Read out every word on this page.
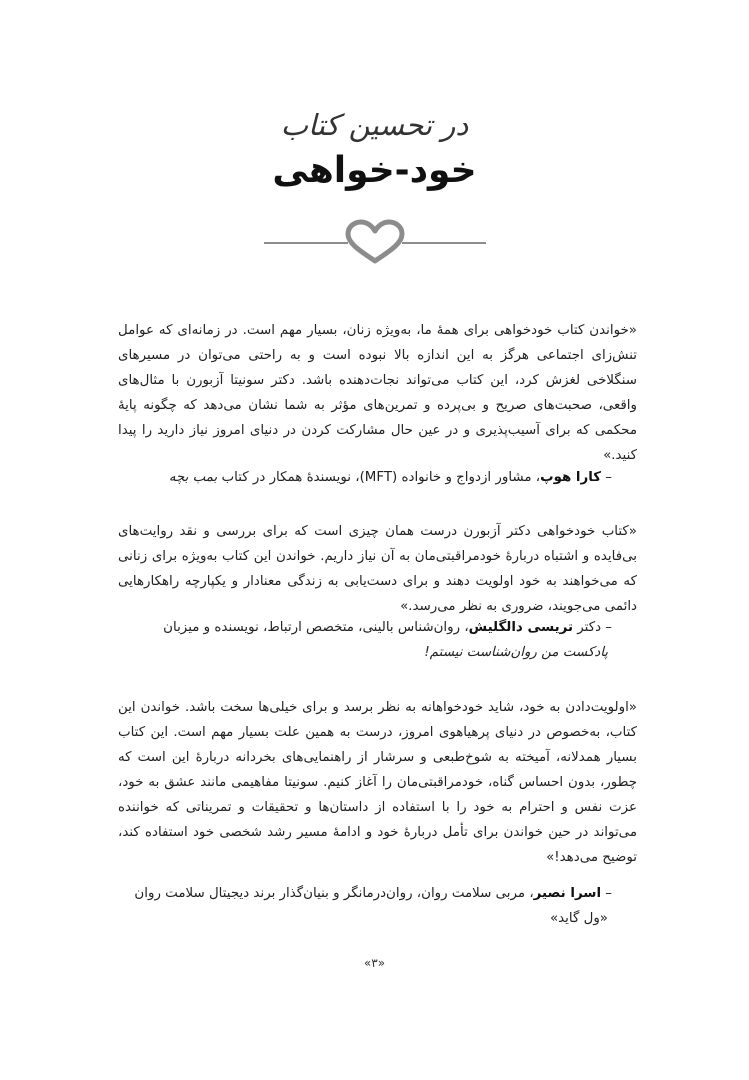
در تحسین کتاب
خود-خواهی

«خواندن کتاب خودخواهی برای همهٔ ما، به‌ویژه زنان، بسیار مهم است. در زمانه‌ای که عوامل تنش‌زای اجتماعی هرگز به این اندازه بالا نبوده است و به راحتی می‌توان در مسیرهای سنگلاخی لغزش کرد، این کتاب می‌تواند نجات‌دهنده باشد. دکتر سونیتا آزبورن با مثال‌های واقعی، صحبت‌های صریح و بی‌پرده و تمرین‌های مؤثر به شما نشان می‌دهد که چگونه پایهٔ محکمی که برای آسیب‌پذیری و در عین حال مشارکت کردن در دنیای امروز نیاز دارید را پیدا کنید.»

– کارا هوپ، مشاور ازدواج و خانواده (MFT)، نویسندهٔ همکار در کتاب بمب بچه

«کتاب خودخواهی دکتر آزبورن درست همان چیزی است که برای بررسی و نقد روایت‌های بی‌فایده و اشتباه دربارهٔ خودمراقبتی‌مان به آن نیاز داریم. خواندن این کتاب به‌ویژه برای زنانی که می‌خواهند به خود اولویت دهند و برای دست‌یابی به زندگی معنادار و یکپارچه راهکارهایی دائمی می‌جویند، ضروری به نظر می‌رسد.»

– دکتر تریسی دالگلیش، روان‌شناس بالینی، متخصص ارتباط، نویسنده و میزبان
پادکست من روان‌شناست نیستم!

«اولویت‌دادن به خود، شاید خودخواهانه به نظر برسد و برای خیلی‌ها سخت باشد. خواندن این کتاب، به‌خصوص در دنیای پرهیاهوی امروز، درست به همین علت بسیار مهم است. این کتاب بسیار همدلانه، آمیخته به شوخ‌طبعی و سرشار از راهنمایی‌های بخردانه دربارهٔ این است که چطور، بدون احساس گناه، خودمراقبتی‌مان را آغاز کنیم. سونیتا مفاهیمی مانند عشق به خود، عزت نفس و احترام به خود را با استفاده از داستان‌ها و تحقیقات و تمریناتی که خواننده می‌تواند در حین خواندن برای تأمل دربارهٔ خود و ادامهٔ مسیر رشد شخصی خود استفاده کند، توضیح می‌دهد!»

– اسرا نصیر، مربی سلامت روان، روان‌درمانگر و بنیان‌گذار برند دیجیتال سلامت روان
«ول گاید»
«۳»
